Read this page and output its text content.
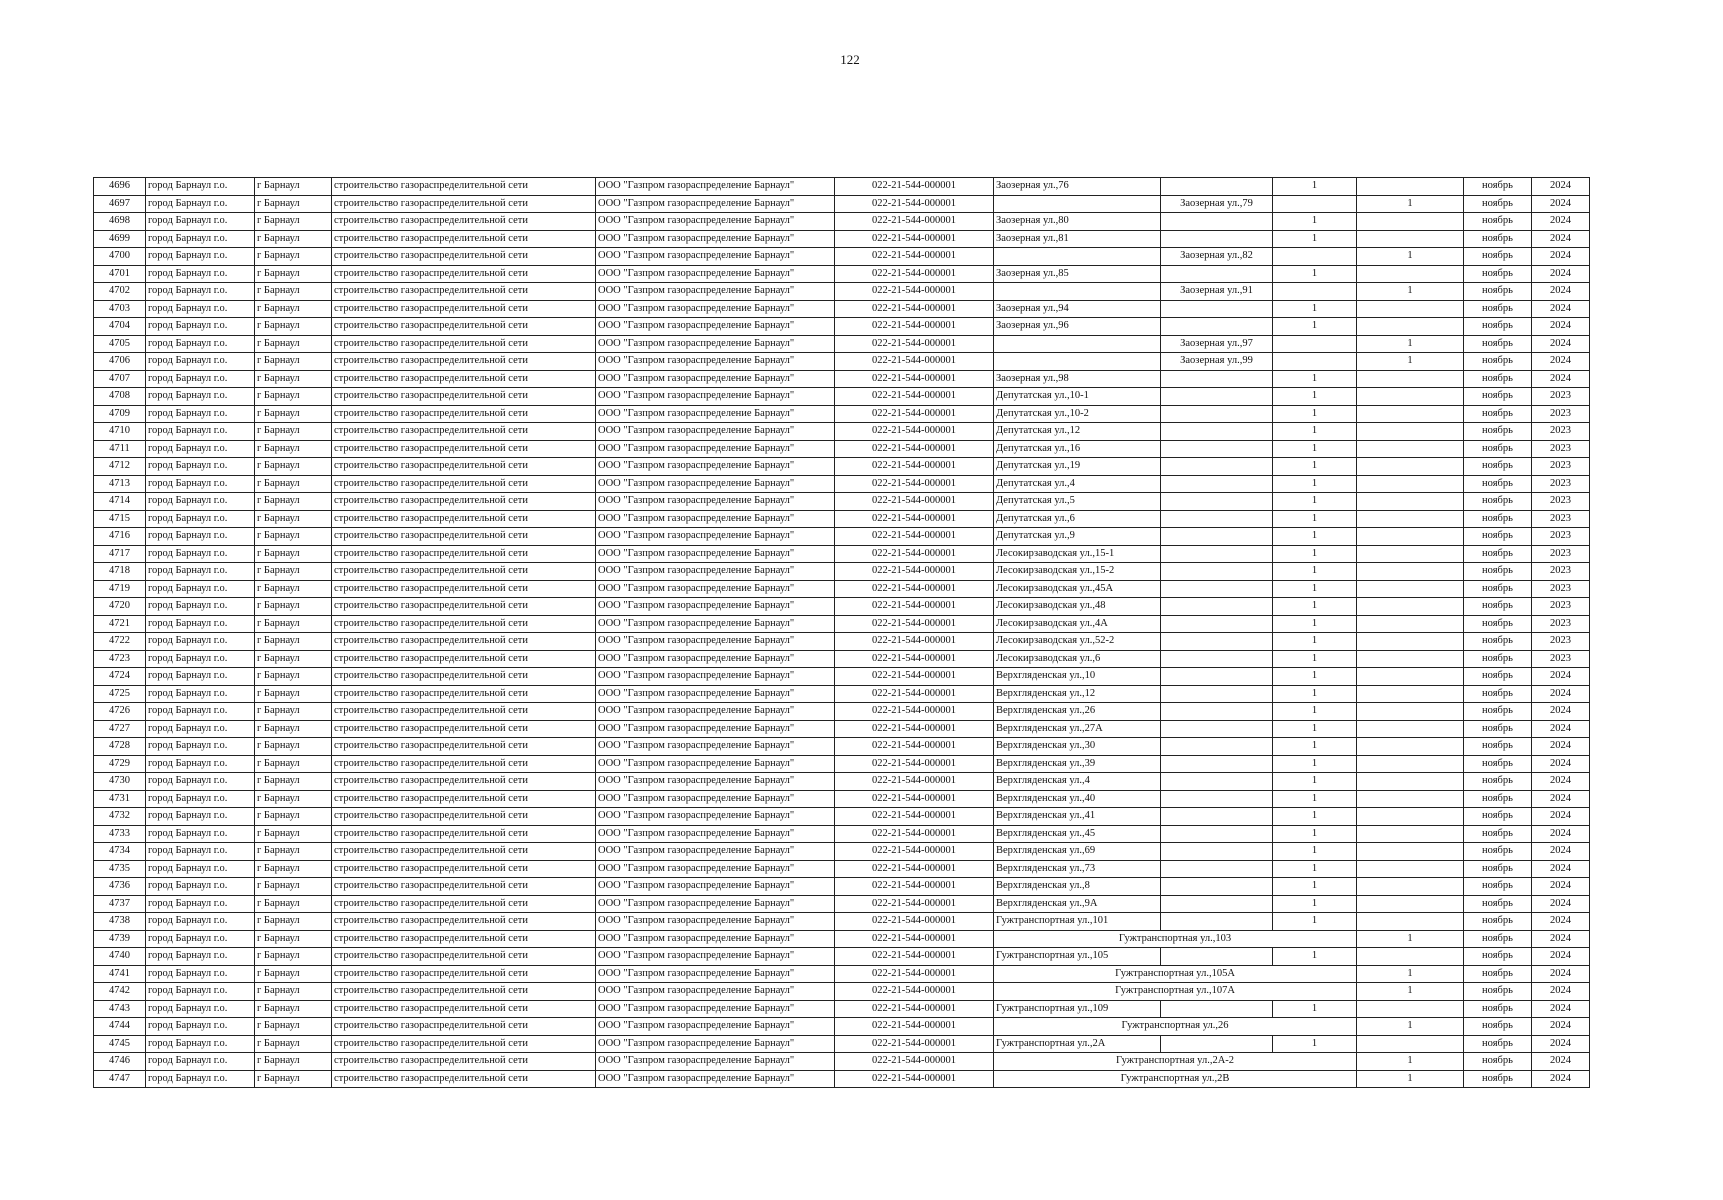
122
4696	город Барнаул г.о.	г Барнаул	строительство газораспределительной сети	ООО "Газпром газораспределение Барнаул"	022-21-544-000001	Заозерная ул.,76		1		ноябрь	2024
4697	город Барнаул г.о.	г Барнаул	строительство газораспределительной сети	ООО "Газпром газораспределение Барнаул"	022-21-544-000001		Заозерная ул.,79		1	ноябрь	2024
4698	город Барнаул г.о.	г Барнаул	строительство газораспределительной сети	ООО "Газпром газораспределение Барнаул"	022-21-544-000001	Заозерная ул.,80		1		ноябрь	2024
4699	город Барнаул г.о.	г Барнаул	строительство газораспределительной сети	ООО "Газпром газораспределение Барнаул"	022-21-544-000001	Заозерная ул.,81		1		ноябрь	2024
4700	город Барнаул г.о.	г Барнаул	строительство газораспределительной сети	ООО "Газпром газораспределение Барнаул"	022-21-544-000001		Заозерная ул.,82		1	ноябрь	2024
4701	город Барнаул г.о.	г Барнаул	строительство газораспределительной сети	ООО "Газпром газораспределение Барнаул"	022-21-544-000001	Заозерная ул.,85		1		ноябрь	2024
4702	город Барнаул г.о.	г Барнаул	строительство газораспределительной сети	ООО "Газпром газораспределение Барнаул"	022-21-544-000001		Заозерная ул.,91		1	ноябрь	2024
4703	город Барнаул г.о.	г Барнаул	строительство газораспределительной сети	ООО "Газпром газораспределение Барнаул"	022-21-544-000001	Заозерная ул.,94		1		ноябрь	2024
4704	город Барнаул г.о.	г Барнаул	строительство газораспределительной сети	ООО "Газпром газораспределение Барнаул"	022-21-544-000001	Заозерная ул.,96		1		ноябрь	2024
4705	город Барнаул г.о.	г Барнаул	строительство газораспределительной сети	ООО "Газпром газораспределение Барнаул"	022-21-544-000001		Заозерная ул.,97		1	ноябрь	2024
4706	город Барнаул г.о.	г Барнаул	строительство газораспределительной сети	ООО "Газпром газораспределение Барнаул"	022-21-544-000001		Заозерная ул.,99		1	ноябрь	2024
4707	город Барнаул г.о.	г Барнаул	строительство газораспределительной сети	ООО "Газпром газораспределение Барнаул"	022-21-544-000001	Заозерная ул.,98		1		ноябрь	2024
4708	город Барнаул г.о.	г Барнаул	строительство газораспределительной сети	ООО "Газпром газораспределение Барнаул"	022-21-544-000001	Депутатская ул.,10-1		1		ноябрь	2023
4709	город Барнаул г.о.	г Барнаул	строительство газораспределительной сети	ООО "Газпром газораспределение Барнаул"	022-21-544-000001	Депутатская ул.,10-2		1		ноябрь	2023
4710	город Барнаул г.о.	г Барнаул	строительство газораспределительной сети	ООО "Газпром газораспределение Барнаул"	022-21-544-000001	Депутатская ул.,12		1		ноябрь	2023
4711	город Барнаул г.о.	г Барнаул	строительство газораспределительной сети	ООО "Газпром газораспределение Барнаул"	022-21-544-000001	Депутатская ул.,16		1		ноябрь	2023
4712	город Барнаул г.о.	г Барнаул	строительство газораспределительной сети	ООО "Газпром газораспределение Барнаул"	022-21-544-000001	Депутатская ул.,19		1		ноябрь	2023
4713	город Барнаул г.о.	г Барнаул	строительство газораспределительной сети	ООО "Газпром газораспределение Барнаул"	022-21-544-000001	Депутатская ул.,4		1		ноябрь	2023
4714	город Барнаул г.о.	г Барнаул	строительство газораспределительной сети	ООО "Газпром газораспределение Барнаул"	022-21-544-000001	Депутатская ул.,5		1		ноябрь	2023
4715	город Барнаул г.о.	г Барнаул	строительство газораспределительной сети	ООО "Газпром газораспределение Барнаул"	022-21-544-000001	Депутатская ул.,6		1		ноябрь	2023
4716	город Барнаул г.о.	г Барнаул	строительство газораспределительной сети	ООО "Газпром газораспределение Барнаул"	022-21-544-000001	Депутатская ул.,9		1		ноябрь	2023
4717	город Барнаул г.о.	г Барнаул	строительство газораспределительной сети	ООО "Газпром газораспределение Барнаул"	022-21-544-000001	Лесокирзаводская ул.,15-1		1		ноябрь	2023
4718	город Барнаул г.о.	г Барнаул	строительство газораспределительной сети	ООО "Газпром газораспределение Барнаул"	022-21-544-000001	Лесокирзаводская ул.,15-2		1		ноябрь	2023
4719	город Барнаул г.о.	г Барнаул	строительство газораспределительной сети	ООО "Газпром газораспределение Барнаул"	022-21-544-000001	Лесокирзаводская ул.,45А		1		ноябрь	2023
4720	город Барнаул г.о.	г Барнаул	строительство газораспределительной сети	ООО "Газпром газораспределение Барнаул"	022-21-544-000001	Лесокирзаводская ул.,48		1		ноябрь	2023
4721	город Барнаул г.о.	г Барнаул	строительство газораспределительной сети	ООО "Газпром газораспределение Барнаул"	022-21-544-000001	Лесокирзаводская ул.,4А		1		ноябрь	2023
4722	город Барнаул г.о.	г Барнаул	строительство газораспределительной сети	ООО "Газпром газораспределение Барнаул"	022-21-544-000001	Лесокирзаводская ул.,52-2		1		ноябрь	2023
4723	город Барнаул г.о.	г Барнаул	строительство газораспределительной сети	ООО "Газпром газораспределение Барнаул"	022-21-544-000001	Лесокирзаводская ул.,6		1		ноябрь	2023
4724	город Барнаул г.о.	г Барнаул	строительство газораспределительной сети	ООО "Газпром газораспределение Барнаул"	022-21-544-000001	Верхгляденская ул.,10		1		ноябрь	2024
4725	город Барнаул г.о.	г Барнаул	строительство газораспределительной сети	ООО "Газпром газораспределение Барнаул"	022-21-544-000001	Верхгляденская ул.,12		1		ноябрь	2024
4726	город Барнаул г.о.	г Барнаул	строительство газораспределительной сети	ООО "Газпром газораспределение Барнаул"	022-21-544-000001	Верхгляденская ул.,26		1		ноябрь	2024
4727	город Барнаул г.о.	г Барнаул	строительство газораспределительной сети	ООО "Газпром газораспределение Барнаул"	022-21-544-000001	Верхгляденская ул.,27А		1		ноябрь	2024
4728	город Барнаул г.о.	г Барнаул	строительство газораспределительной сети	ООО "Газпром газораспределение Барнаул"	022-21-544-000001	Верхгляденская ул.,30		1		ноябрь	2024
4729	город Барнаул г.о.	г Барнаул	строительство газораспределительной сети	ООО "Газпром газораспределение Барнаул"	022-21-544-000001	Верхгляденская ул.,39		1		ноябрь	2024
4730	город Барнаул г.о.	г Барнаул	строительство газораспределительной сети	ООО "Газпром газораспределение Барнаул"	022-21-544-000001	Верхгляденская ул.,4		1		ноябрь	2024
4731	город Барнаул г.о.	г Барнаул	строительство газораспределительной сети	ООО "Газпром газораспределение Барнаул"	022-21-544-000001	Верхгляденская ул.,40		1		ноябрь	2024
4732	город Барнаул г.о.	г Барнаул	строительство газораспределительной сети	ООО "Газпром газораспределение Барнаул"	022-21-544-000001	Верхгляденская ул.,41		1		ноябрь	2024
4733	город Барнаул г.о.	г Барнаул	строительство газораспределительной сети	ООО "Газпром газораспределение Барнаул"	022-21-544-000001	Верхгляденская ул.,45		1		ноябрь	2024
4734	город Барнаул г.о.	г Барнаул	строительство газораспределительной сети	ООО "Газпром газораспределение Барнаул"	022-21-544-000001	Верхгляденская ул.,69		1		ноябрь	2024
4735	город Барнаул г.о.	г Барнаул	строительство газораспределительной сети	ООО "Газпром газораспределение Барнаул"	022-21-544-000001	Верхгляденская ул.,73		1		ноябрь	2024
4736	город Барнаул г.о.	г Барнаул	строительство газораспределительной сети	ООО "Газпром газораспределение Барнаул"	022-21-544-000001	Верхгляденская ул.,8		1		ноябрь	2024
4737	город Барнаул г.о.	г Барнаул	строительство газораспределительной сети	ООО "Газпром газораспределение Барнаул"	022-21-544-000001	Верхгляденская ул.,9А		1		ноябрь	2024
4738	город Барнаул г.о.	г Барнаул	строительство газораспределительной сети	ООО "Газпром газораспределение Барнаул"	022-21-544-000001	Гужтранспортная ул.,101		1		ноябрь	2024
4739	город Барнаул г.о.	г Барнаул	строительство газораспределительной сети	ООО "Газпром газораспределение Барнаул"	022-21-544-000001	Гужтранспортная ул.,103			1	ноябрь	2024
4740	город Барнаул г.о.	г Барнаул	строительство газораспределительной сети	ООО "Газпром газораспределение Барнаул"	022-21-544-000001	Гужтранспортная ул.,105		1		ноябрь	2024
4741	город Барнаул г.о.	г Барнаул	строительство газораспределительной сети	ООО "Газпром газораспределение Барнаул"	022-21-544-000001	Гужтранспортная ул.,105А			1	ноябрь	2024
4742	город Барнаул г.о.	г Барнаул	строительство газораспределительной сети	ООО "Газпром газораспределение Барнаул"	022-21-544-000001	Гужтранспортная ул.,107А			1	ноябрь	2024
4743	город Барнаул г.о.	г Барнаул	строительство газораспределительной сети	ООО "Газпром газораспределение Барнаул"	022-21-544-000001	Гужтранспортная ул.,109		1		ноябрь	2024
4744	город Барнаул г.о.	г Барнаул	строительство газораспределительной сети	ООО "Газпром газораспределение Барнаул"	022-21-544-000001	Гужтранспортная ул.,26			1	ноябрь	2024
4745	город Барнаул г.о.	г Барнаул	строительство газораспределительной сети	ООО "Газпром газораспределение Барнаул"	022-21-544-000001	Гужтранспортная ул.,2А		1		ноябрь	2024
4746	город Барнаул г.о.	г Барнаул	строительство газораспределительной сети	ООО "Газпром газораспределение Барнаул"	022-21-544-000001	Гужтранспортная ул.,2А-2			1	ноябрь	2024
4747	город Барнаул г.о.	г Барнаул	строительство газораспределительной сети	ООО "Газпром газораспределение Барнаул"	022-21-544-000001	Гужтранспортная ул.,2В			1	ноябрь	2024
